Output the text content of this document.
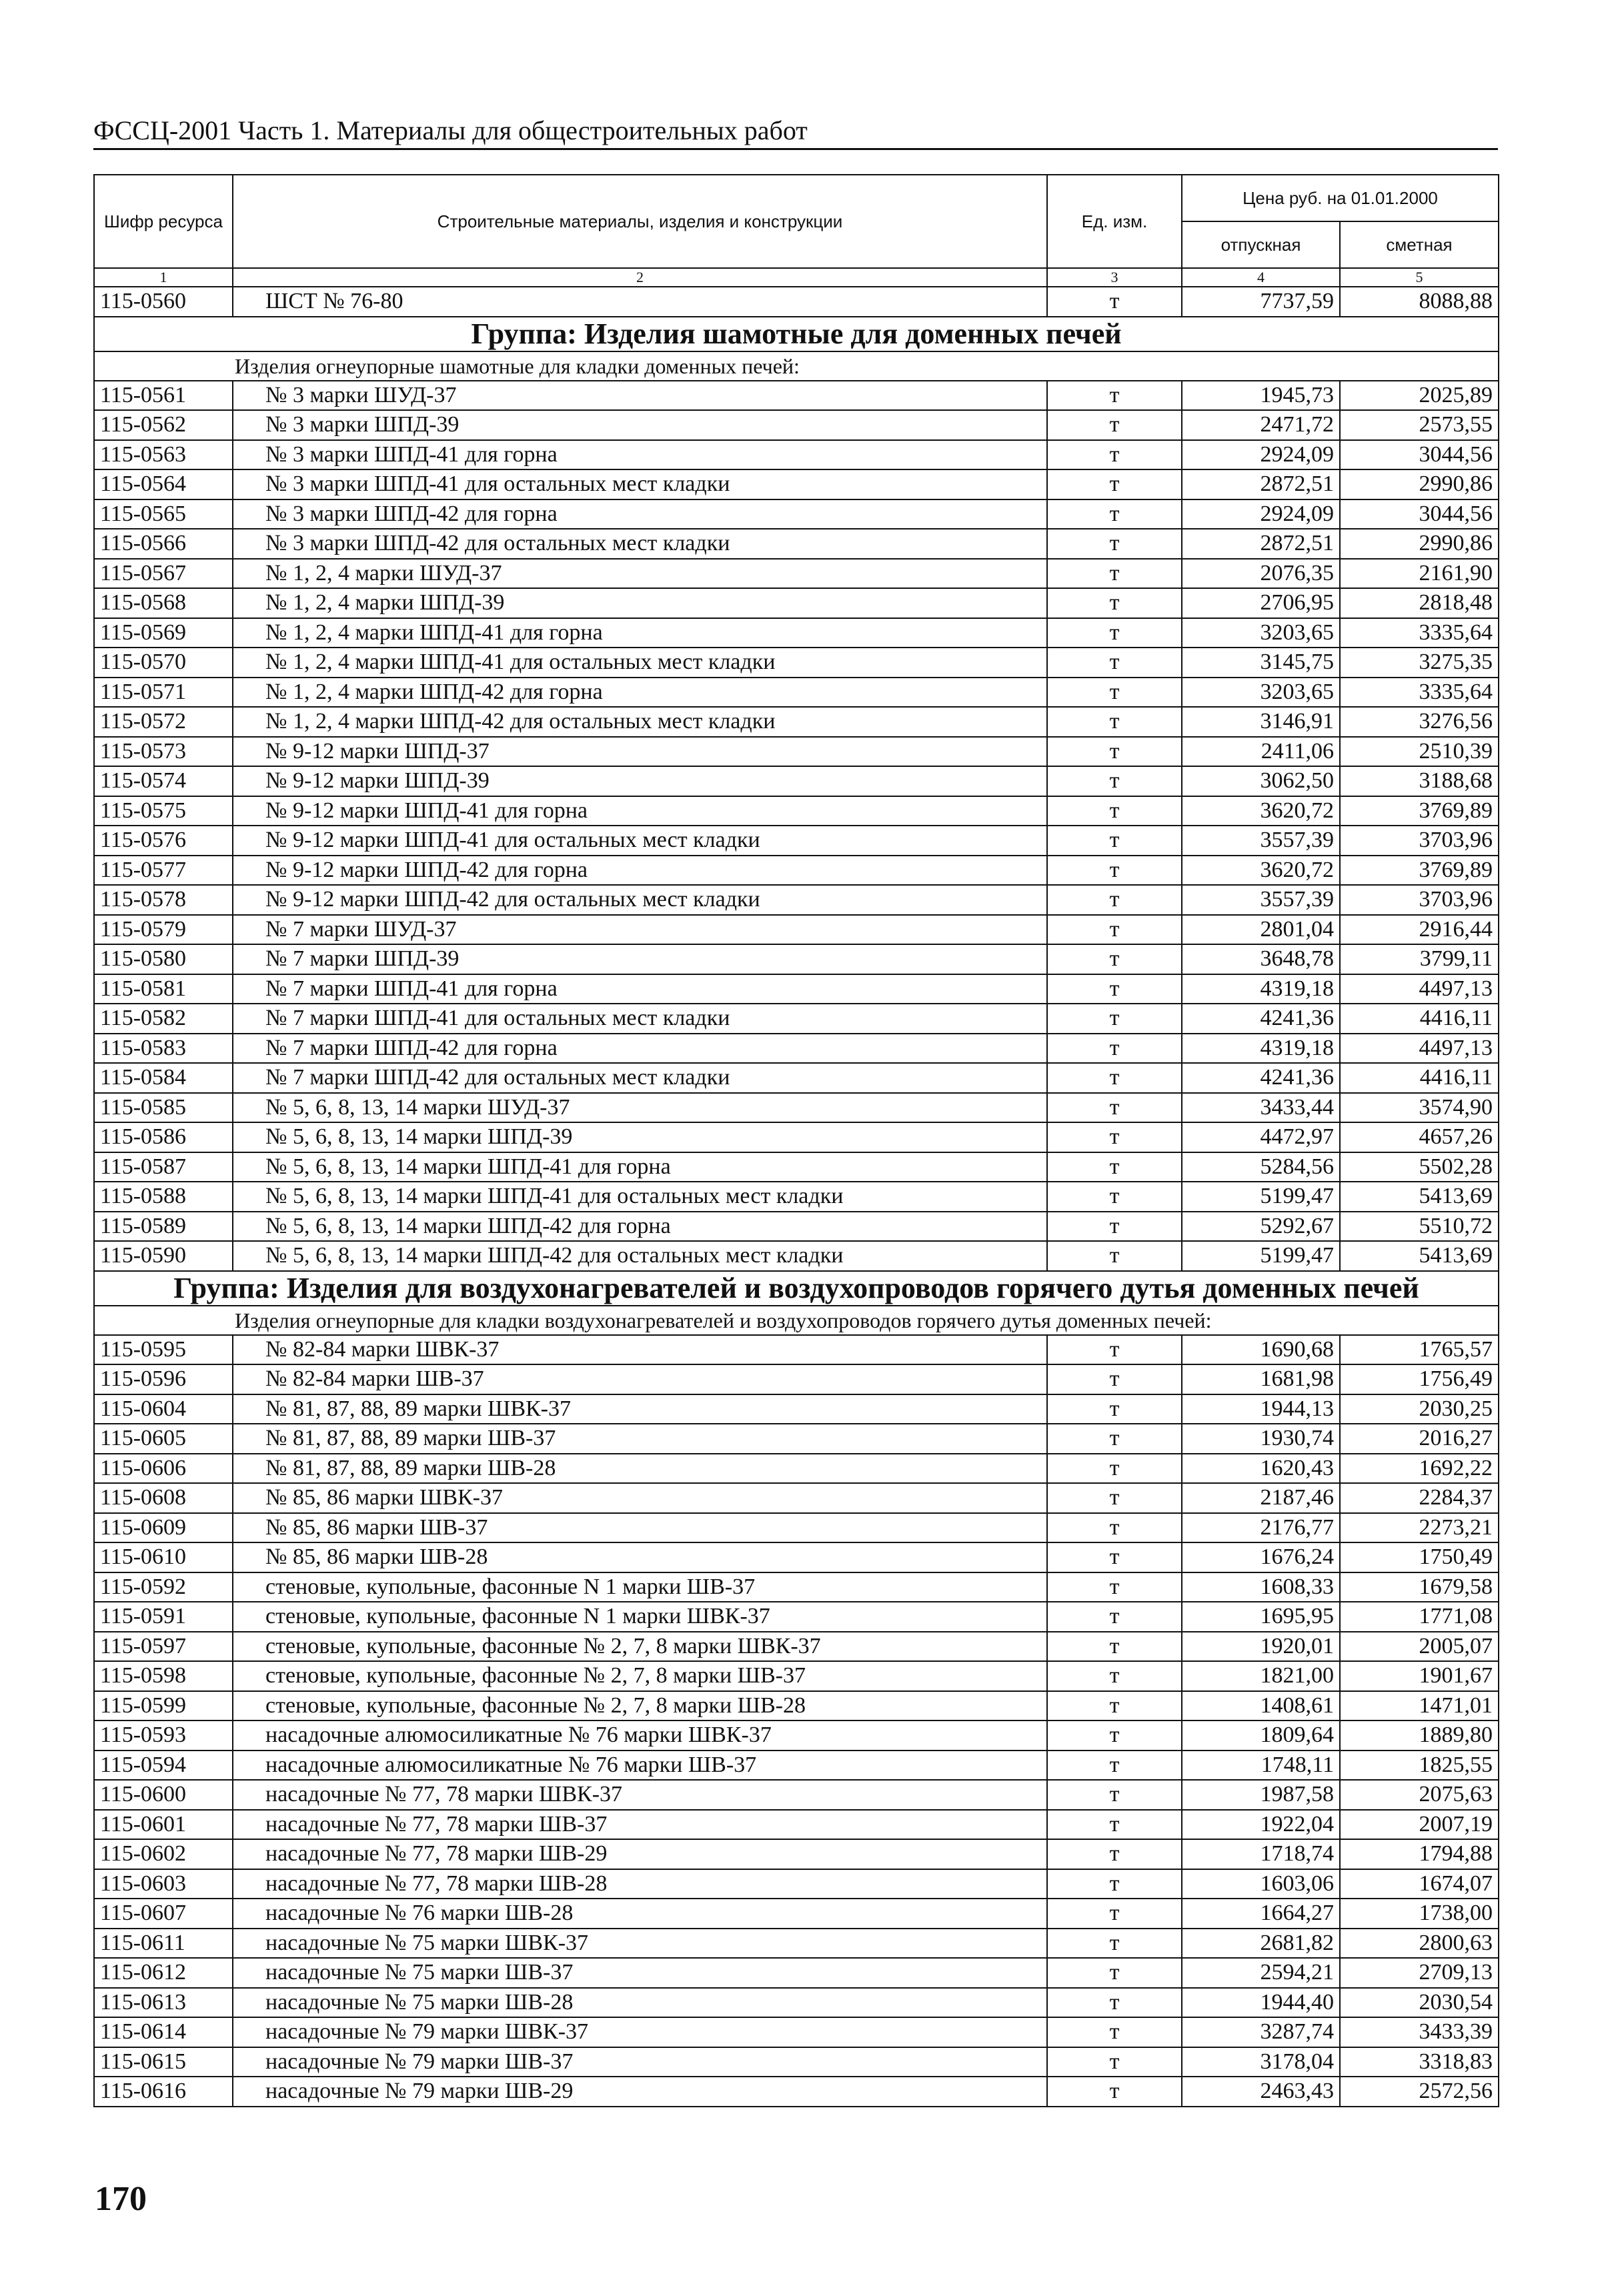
ФССЦ-2001 Часть 1. Материалы для общестроительных работ
Шифр ресурса	Строительные материалы, изделия и конструкции	Ед. изм.	Цена руб. на 01.01.2000	
			отпускная	сметная
1	2	3	4	5
115-0560	ШСТ № 76-80	т	7737,59	8088,88
Группа: Изделия шамотные для доменных печей				
Изделия огнеупорные шамотные для кладки доменных печей:				
115-0561	№ 3 марки ШУД-37	т	1945,73	2025,89
115-0562	№ 3 марки ШПД-39	т	2471,72	2573,55
115-0563	№ 3 марки ШПД-41 для горна	т	2924,09	3044,56
115-0564	№ 3 марки ШПД-41 для остальных мест кладки	т	2872,51	2990,86
115-0565	№ 3 марки ШПД-42 для горна	т	2924,09	3044,56
115-0566	№ 3 марки ШПД-42 для остальных мест кладки	т	2872,51	2990,86
115-0567	№ 1, 2, 4 марки ШУД-37	т	2076,35	2161,90
115-0568	№ 1, 2, 4 марки ШПД-39	т	2706,95	2818,48
115-0569	№ 1, 2, 4 марки ШПД-41 для горна	т	3203,65	3335,64
115-0570	№ 1, 2, 4 марки ШПД-41 для остальных мест кладки	т	3145,75	3275,35
115-0571	№ 1, 2, 4 марки ШПД-42 для горна	т	3203,65	3335,64
115-0572	№ 1, 2, 4 марки ШПД-42 для остальных мест кладки	т	3146,91	3276,56
115-0573	№ 9-12 марки ШПД-37	т	2411,06	2510,39
115-0574	№ 9-12 марки ШПД-39	т	3062,50	3188,68
115-0575	№ 9-12 марки ШПД-41 для горна	т	3620,72	3769,89
115-0576	№ 9-12 марки ШПД-41 для остальных мест кладки	т	3557,39	3703,96
115-0577	№ 9-12 марки ШПД-42 для горна	т	3620,72	3769,89
115-0578	№ 9-12 марки ШПД-42 для остальных мест кладки	т	3557,39	3703,96
115-0579	№ 7 марки ШУД-37	т	2801,04	2916,44
115-0580	№ 7 марки ШПД-39	т	3648,78	3799,11
115-0581	№ 7 марки ШПД-41 для горна	т	4319,18	4497,13
115-0582	№ 7 марки ШПД-41 для остальных мест кладки	т	4241,36	4416,11
115-0583	№ 7 марки ШПД-42 для горна	т	4319,18	4497,13
115-0584	№ 7 марки ШПД-42 для остальных мест кладки	т	4241,36	4416,11
115-0585	№ 5, 6, 8, 13, 14 марки ШУД-37	т	3433,44	3574,90
115-0586	№ 5, 6, 8, 13, 14 марки ШПД-39	т	4472,97	4657,26
115-0587	№ 5, 6, 8, 13, 14 марки ШПД-41 для горна	т	5284,56	5502,28
115-0588	№ 5, 6, 8, 13, 14 марки ШПД-41 для остальных мест кладки	т	5199,47	5413,69
115-0589	№ 5, 6, 8, 13, 14 марки ШПД-42 для горна	т	5292,67	5510,72
115-0590	№ 5, 6, 8, 13, 14 марки ШПД-42 для остальных мест кладки	т	5199,47	5413,69
Группа: Изделия для воздухонагревателей и воздухопроводов горячего дутья доменных печей				
Изделия огнеупорные для кладки воздухонагревателей и воздухопроводов горячего дутья доменных печей:				
115-0595	№ 82-84 марки ШВК-37	т	1690,68	1765,57
115-0596	№ 82-84 марки ШВ-37	т	1681,98	1756,49
115-0604	№ 81, 87, 88, 89 марки ШВК-37	т	1944,13	2030,25
115-0605	№ 81, 87, 88, 89 марки ШВ-37	т	1930,74	2016,27
115-0606	№ 81, 87, 88, 89 марки ШВ-28	т	1620,43	1692,22
115-0608	№ 85, 86 марки ШВК-37	т	2187,46	2284,37
115-0609	№ 85, 86 марки ШВ-37	т	2176,77	2273,21
115-0610	№ 85, 86 марки ШВ-28	т	1676,24	1750,49
115-0592	стеновые, купольные, фасонные N 1 марки ШВ-37	т	1608,33	1679,58
115-0591	стеновые, купольные, фасонные N 1 марки ШВК-37	т	1695,95	1771,08
115-0597	стеновые, купольные, фасонные № 2, 7, 8 марки ШВК-37	т	1920,01	2005,07
115-0598	стеновые, купольные, фасонные № 2, 7, 8 марки ШВ-37	т	1821,00	1901,67
115-0599	стеновые, купольные, фасонные № 2, 7, 8 марки ШВ-28	т	1408,61	1471,01
115-0593	насадочные алюмосиликатные № 76 марки ШВК-37	т	1809,64	1889,80
115-0594	насадочные алюмосиликатные № 76 марки ШВ-37	т	1748,11	1825,55
115-0600	насадочные № 77, 78 марки ШВК-37	т	1987,58	2075,63
115-0601	насадочные № 77, 78 марки ШВ-37	т	1922,04	2007,19
115-0602	насадочные № 77, 78 марки ШВ-29	т	1718,74	1794,88
115-0603	насадочные № 77, 78 марки ШВ-28	т	1603,06	1674,07
115-0607	насадочные № 76 марки ШВ-28	т	1664,27	1738,00
115-0611	насадочные № 75 марки ШВК-37	т	2681,82	2800,63
115-0612	насадочные № 75 марки ШВ-37	т	2594,21	2709,13
115-0613	насадочные № 75 марки ШВ-28	т	1944,40	2030,54
115-0614	насадочные № 79 марки ШВК-37	т	3287,74	3433,39
115-0615	насадочные № 79 марки ШВ-37	т	3178,04	3318,83
115-0616	насадочные № 79 марки ШВ-29	т	2463,43	2572,56
170
